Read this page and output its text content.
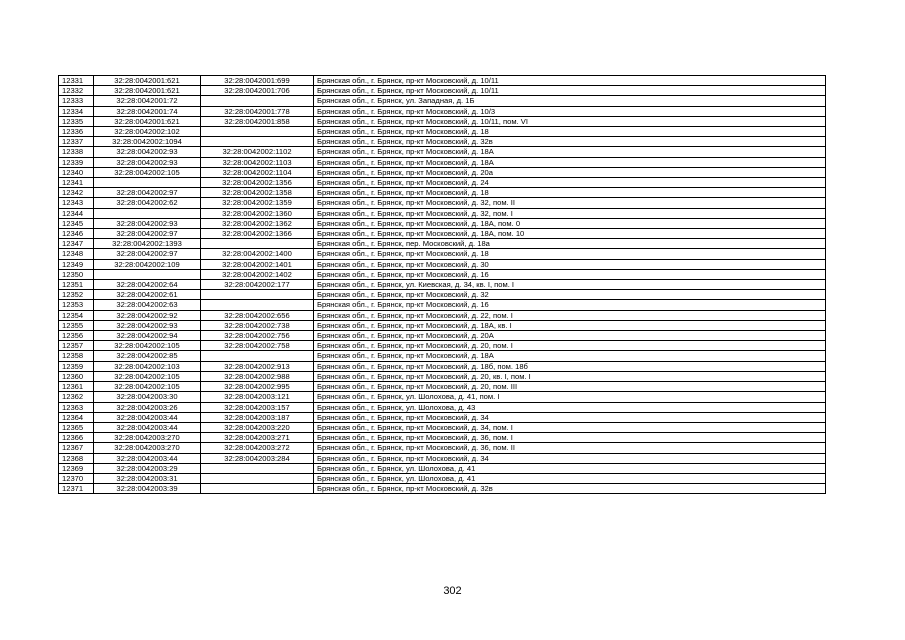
12331	32:28:0042001:621	32:28:0042001:699	Брянская обл., г. Брянск, пр-кт Московский, д. 10/11
12332	32:28:0042001:621	32:28:0042001:706	Брянская обл., г. Брянск, пр-кт Московский, д. 10/11
12333	32:28:0042001:72		Брянская обл., г. Брянск, ул. Западная, д. 1Б
12334	32:28:0042001:74	32:28:0042001:778	Брянская обл., г. Брянск, пр-кт Московский, д. 10/3
12335	32:28:0042001:621	32:28:0042001:858	Брянская обл., г. Брянск, пр-кт Московский, д. 10/11, пом. VI
12336	32:28:0042002:102		Брянская обл., г. Брянск, пр-кт Московский, д. 18
12337	32:28:0042002:1094		Брянская обл., г. Брянск, пр-кт Московский, д. 32в
12338	32:28:0042002:93	32:28:0042002:1102	Брянская обл., г. Брянск, пр-кт Московский, д. 18А
12339	32:28:0042002:93	32:28:0042002:1103	Брянская обл., г. Брянск, пр-кт Московский, д. 18А
12340	32:28:0042002:105	32:28:0042002:1104	Брянская обл., г. Брянск, пр-кт Московский, д. 20а
12341		32:28:0042002:1356	Брянская обл., г. Брянск, пр-кт Московский, д. 24
12342	32:28:0042002:97	32:28:0042002:1358	Брянская обл., г. Брянск, пр-кт Московский, д. 18
12343	32:28:0042002:62	32:28:0042002:1359	Брянская обл., г. Брянск, пр-кт Московский, д. 32, пом. II
12344		32:28:0042002:1360	Брянская обл., г. Брянск, пр-кт Московский, д. 32, пом. I
12345	32:28:0042002:93	32:28:0042002:1362	Брянская обл., г. Брянск, пр-кт Московский, д. 18А, пом. 0
12346	32:28:0042002:97	32:28:0042002:1366	Брянская обл., г. Брянск, пр-кт Московский, д. 18А, пом. 10
12347	32:28:0042002:1393		Брянская обл., г. Брянск, пер. Московский, д. 18а
12348	32:28:0042002:97	32:28:0042002:1400	Брянская обл., г. Брянск, пр-кт Московский, д. 18
12349	32:28:0042002:109	32:28:0042002:1401	Брянская обл., г. Брянск, пр-кт Московский, д. 30
12350		32:28:0042002:1402	Брянская обл., г. Брянск, пр-кт Московский, д. 16
12351	32:28:0042002:64	32:28:0042002:177	Брянская обл., г. Брянск, ул. Киевская, д. 34, кв. I, пом. I
12352	32:28:0042002:61		Брянская обл., г. Брянск, пр-кт Московский, д. 32
12353	32:28:0042002:63		Брянская обл., г. Брянск, пр-кт Московский, д. 16
12354	32:28:0042002:92	32:28:0042002:656	Брянская обл., г. Брянск, пр-кт Московский, д. 22, пом. I
12355	32:28:0042002:93	32:28:0042002:738	Брянская обл., г. Брянск, пр-кт Московский, д. 18А, кв. I
12356	32:28:0042002:94	32:28:0042002:756	Брянская обл., г. Брянск, пр-кт Московский, д. 20А
12357	32:28:0042002:105	32:28:0042002:758	Брянская обл., г. Брянск, пр-кт Московский, д. 20, пом. I
12358	32:28:0042002:85		Брянская обл., г. Брянск, пр-кт Московский, д. 18А
12359	32:28:0042002:103	32:28:0042002:913	Брянская обл., г. Брянск, пр-кт Московский, д. 18б, пом. 18б
12360	32:28:0042002:105	32:28:0042002:988	Брянская обл., г. Брянск, пр-кт Московский, д. 20, кв. I, пом. I
12361	32:28:0042002:105	32:28:0042002:995	Брянская обл., г. Брянск, пр-кт Московский, д. 20, пом. III
12362	32:28:0042003:30	32:28:0042003:121	Брянская обл., г. Брянск, ул. Шолохова, д. 41, пом. I
12363	32:28:0042003:26	32:28:0042003:157	Брянская обл., г. Брянск, ул. Шолохова, д. 43
12364	32:28:0042003:44	32:28:0042003:187	Брянская обл., г. Брянск, пр-кт Московский, д. 34
12365	32:28:0042003:44	32:28:0042003:220	Брянская обл., г. Брянск, пр-кт Московский, д. 34, пом. I
12366	32:28:0042003:270	32:28:0042003:271	Брянская обл., г. Брянск, пр-кт Московский, д. 36, пом. I
12367	32:28:0042003:270	32:28:0042003:272	Брянская обл., г. Брянск, пр-кт Московский, д. 36, пом. II
12368	32:28:0042003:44	32:28:0042003:284	Брянская обл., г. Брянск, пр-кт Московский, д. 34
12369	32:28:0042003:29		Брянская обл., г. Брянск, ул. Шолохова, д. 41
12370	32:28:0042003:31		Брянская обл., г. Брянск, ул. Шолохова, д. 41
12371	32:28:0042003:39		Брянская обл., г. Брянск, пр-кт Московский, д. 32в
302
